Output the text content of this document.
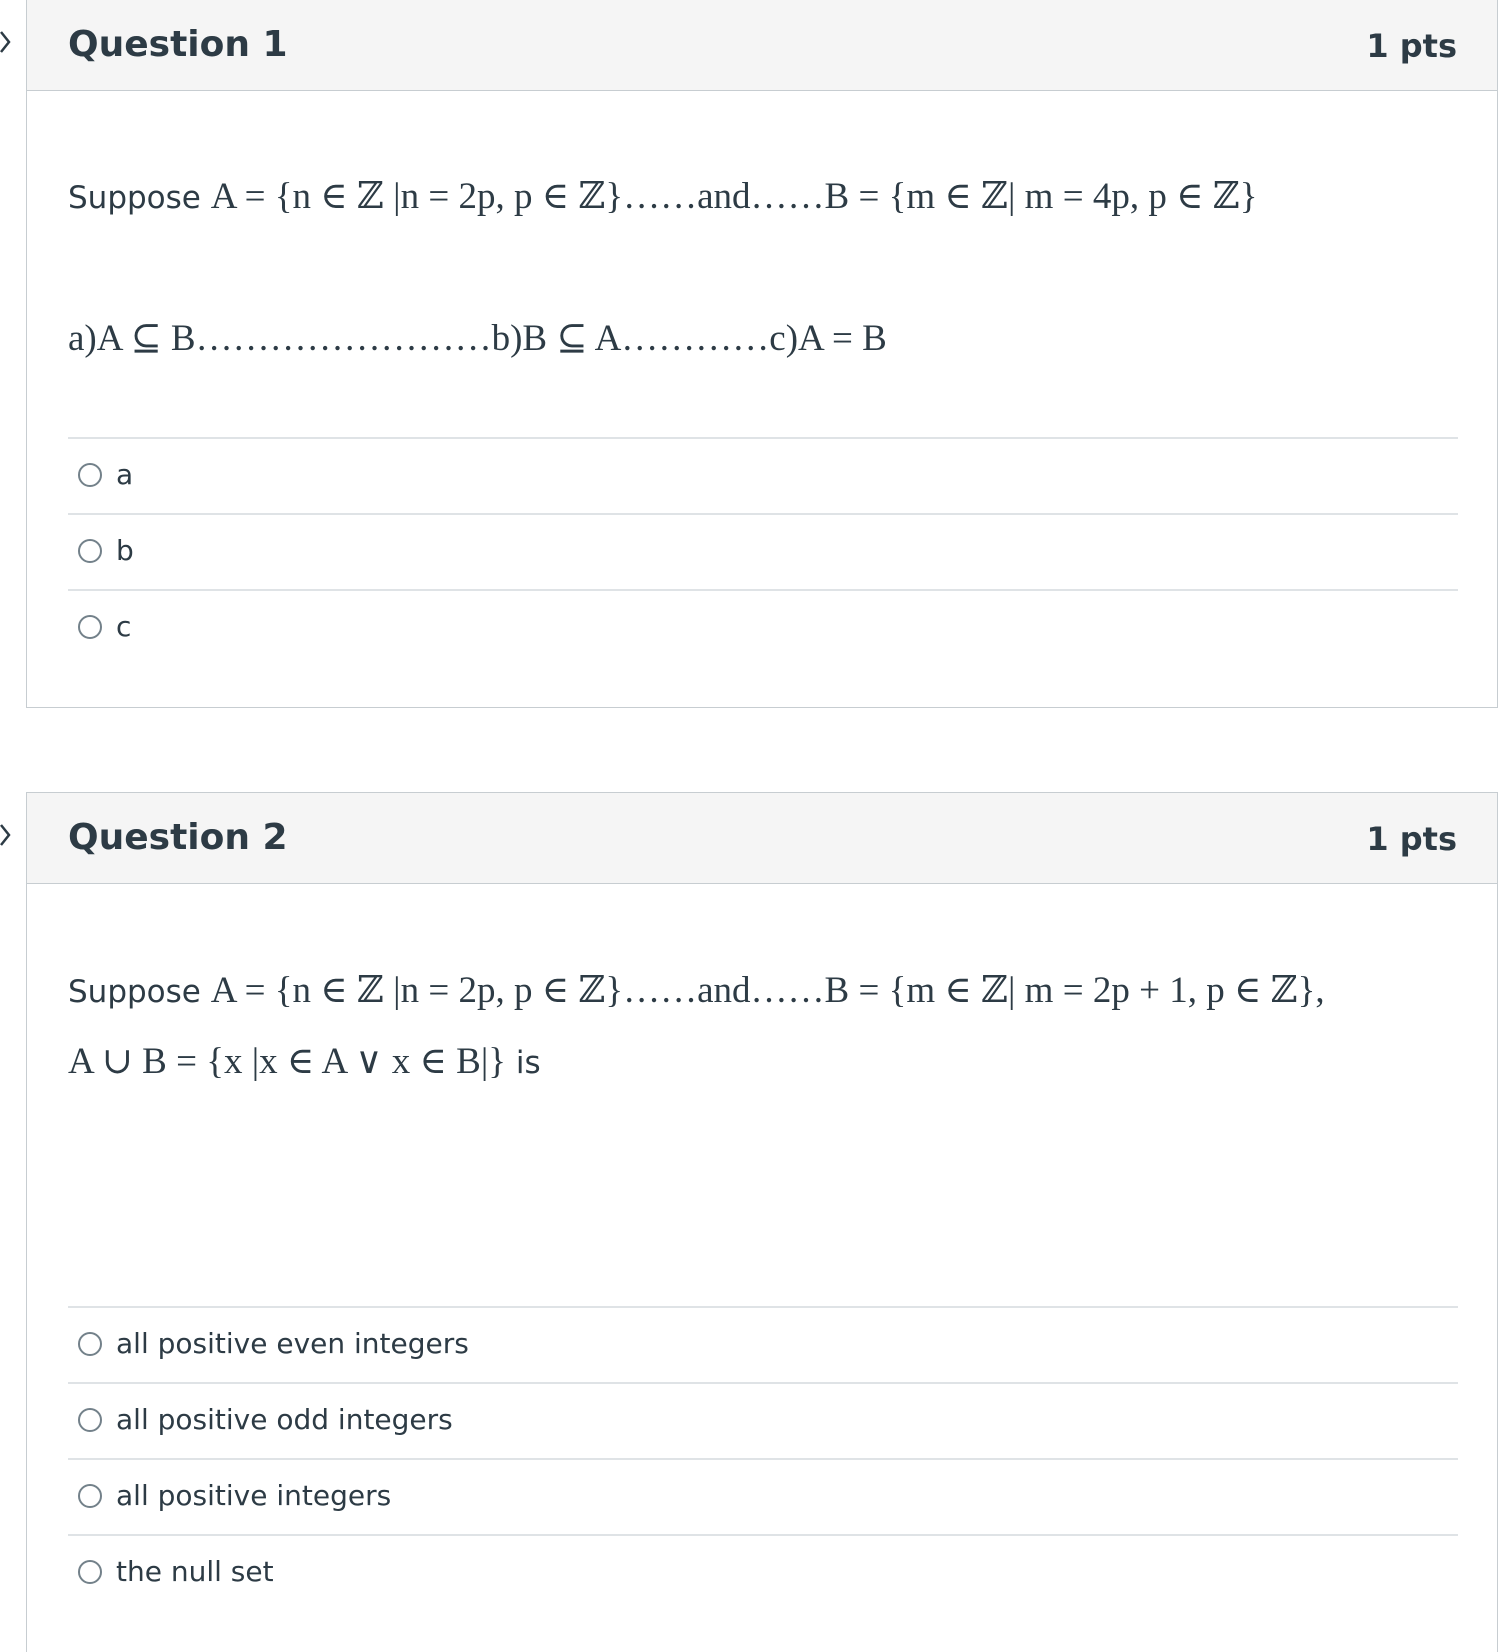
Question 1	1 pts
Suppose A = {n ∈ ℤ |n = 2p, p ∈ ℤ}……and……B = {m ∈ ℤ| m = 4p, p ∈ ℤ}
a)A ⊆ B……………………b)B ⊆ A…………c)A = B
a
b
c
Question 2	1 pts
Suppose A = {n ∈ ℤ |n = 2p, p ∈ ℤ}……and……B = {m ∈ ℤ| m = 2p + 1, p ∈ ℤ},
A ∪ B = {x |x ∈ A ∨ x ∈ B|} is
all positive even integers
all positive odd integers
all positive integers
the null set
